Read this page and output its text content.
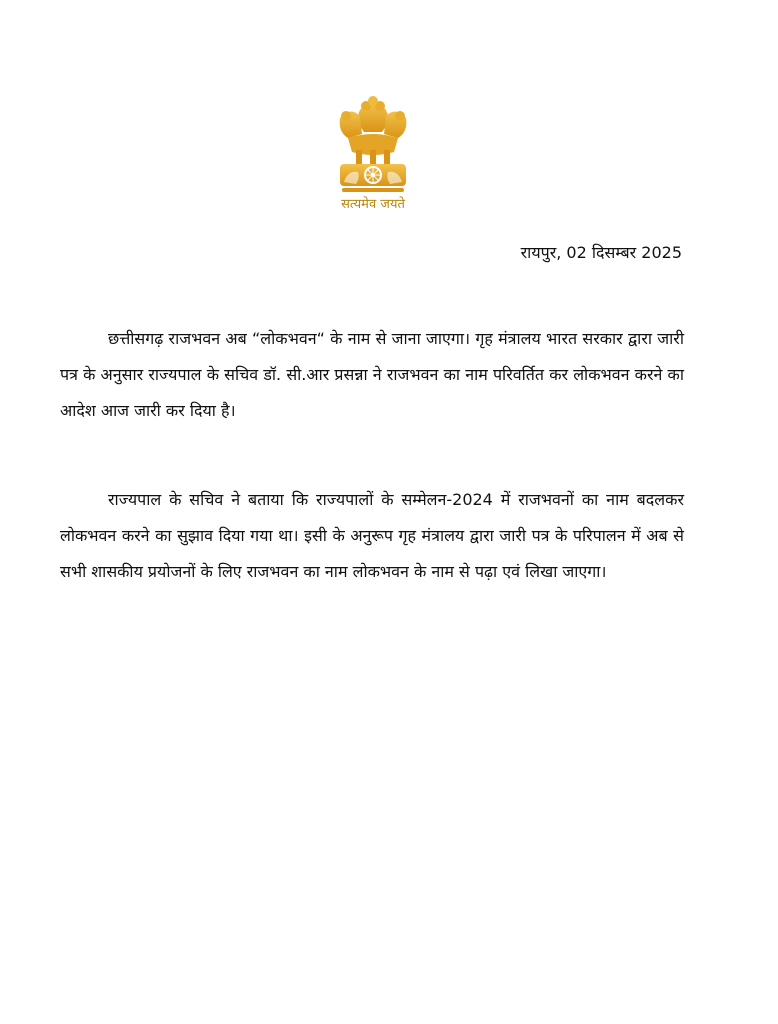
सत्यमेव जयते
रायपुर, 02 दिसम्बर 2025

छत्तीसगढ़ राजभवन अब “लोकभवन“ के नाम से जाना जाएगा। गृह मंत्रालय भारत सरकार द्वारा जारी पत्र के अनुसार राज्यपाल के सचिव डॉ. सी.आर प्रसन्ना ने राजभवन का नाम परिवर्तित कर लोकभवन करने का आदेश आज जारी कर दिया है।

राज्यपाल के सचिव ने बताया कि राज्यपालों के सम्मेलन-2024 में राजभवनों का नाम बदलकर लोकभवन करने का सुझाव दिया गया था। इसी के अनुरूप गृह मंत्रालय द्वारा जारी पत्र के परिपालन में अब से सभी शासकीय प्रयोजनों के लिए राजभवन का नाम लोकभवन के नाम से पढ़ा एवं लिखा जाएगा।
